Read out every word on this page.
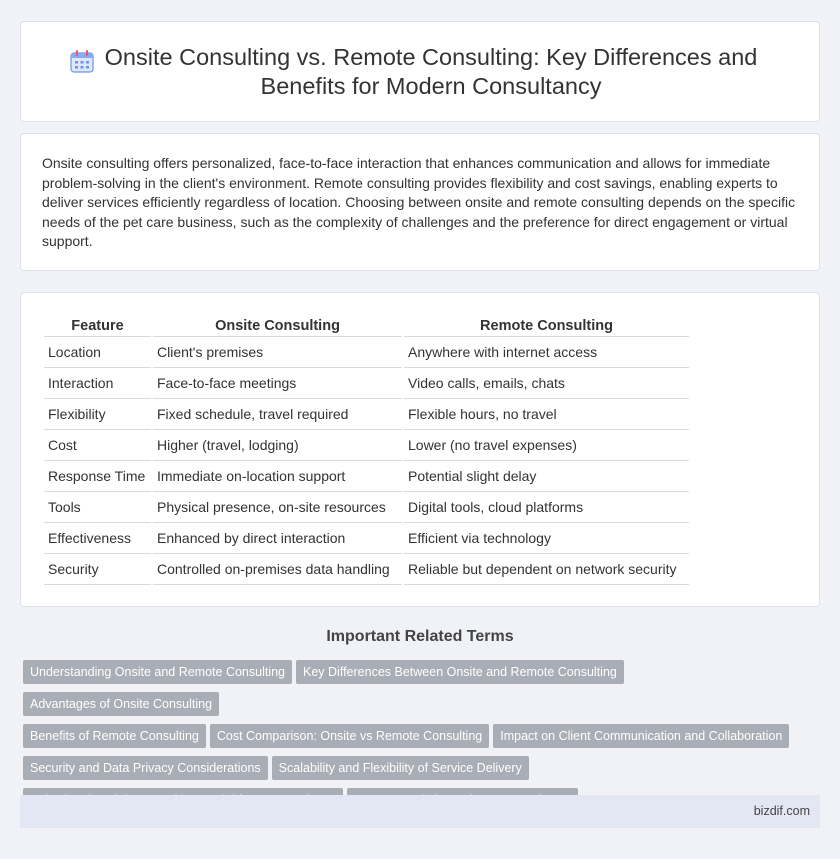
Onsite Consulting vs. Remote Consulting: Key Differences and Benefits for Modern Consultancy

Onsite consulting offers personalized, face-to-face interaction that enhances communication and allows for immediate problem-solving in the client's environment. Remote consulting provides flexibility and cost savings, enabling experts to deliver services efficiently regardless of location. Choosing between onsite and remote consulting depends on the specific needs of the pet care business, such as the complexity of challenges and the preference for direct engagement or virtual support.

Feature	Onsite Consulting	Remote Consulting
Location	Client's premises	Anywhere with internet access
Interaction	Face-to-face meetings	Video calls, emails, chats
Flexibility	Fixed schedule, travel required	Flexible hours, no travel
Cost	Higher (travel, lodging)	Lower (no travel expenses)
Response Time	Immediate on-location support	Potential slight delay
Tools	Physical presence, on-site resources	Digital tools, cloud platforms
Effectiveness	Enhanced by direct interaction	Efficient via technology
Security	Controlled on-premises data handling	Reliable but dependent on network security
Important Related Terms
Understanding Onsite and Remote Consulting Key Differences Between Onsite and Remote ConsultingAdvantages of Onsite Consulting
Benefits of Remote Consulting Cost Comparison: Onsite vs Remote Consulting Impact on Client Communication and Collaboration
Security and Data Privacy Considerations Scalability and Flexibility of Service Delivery

bizdif.com
